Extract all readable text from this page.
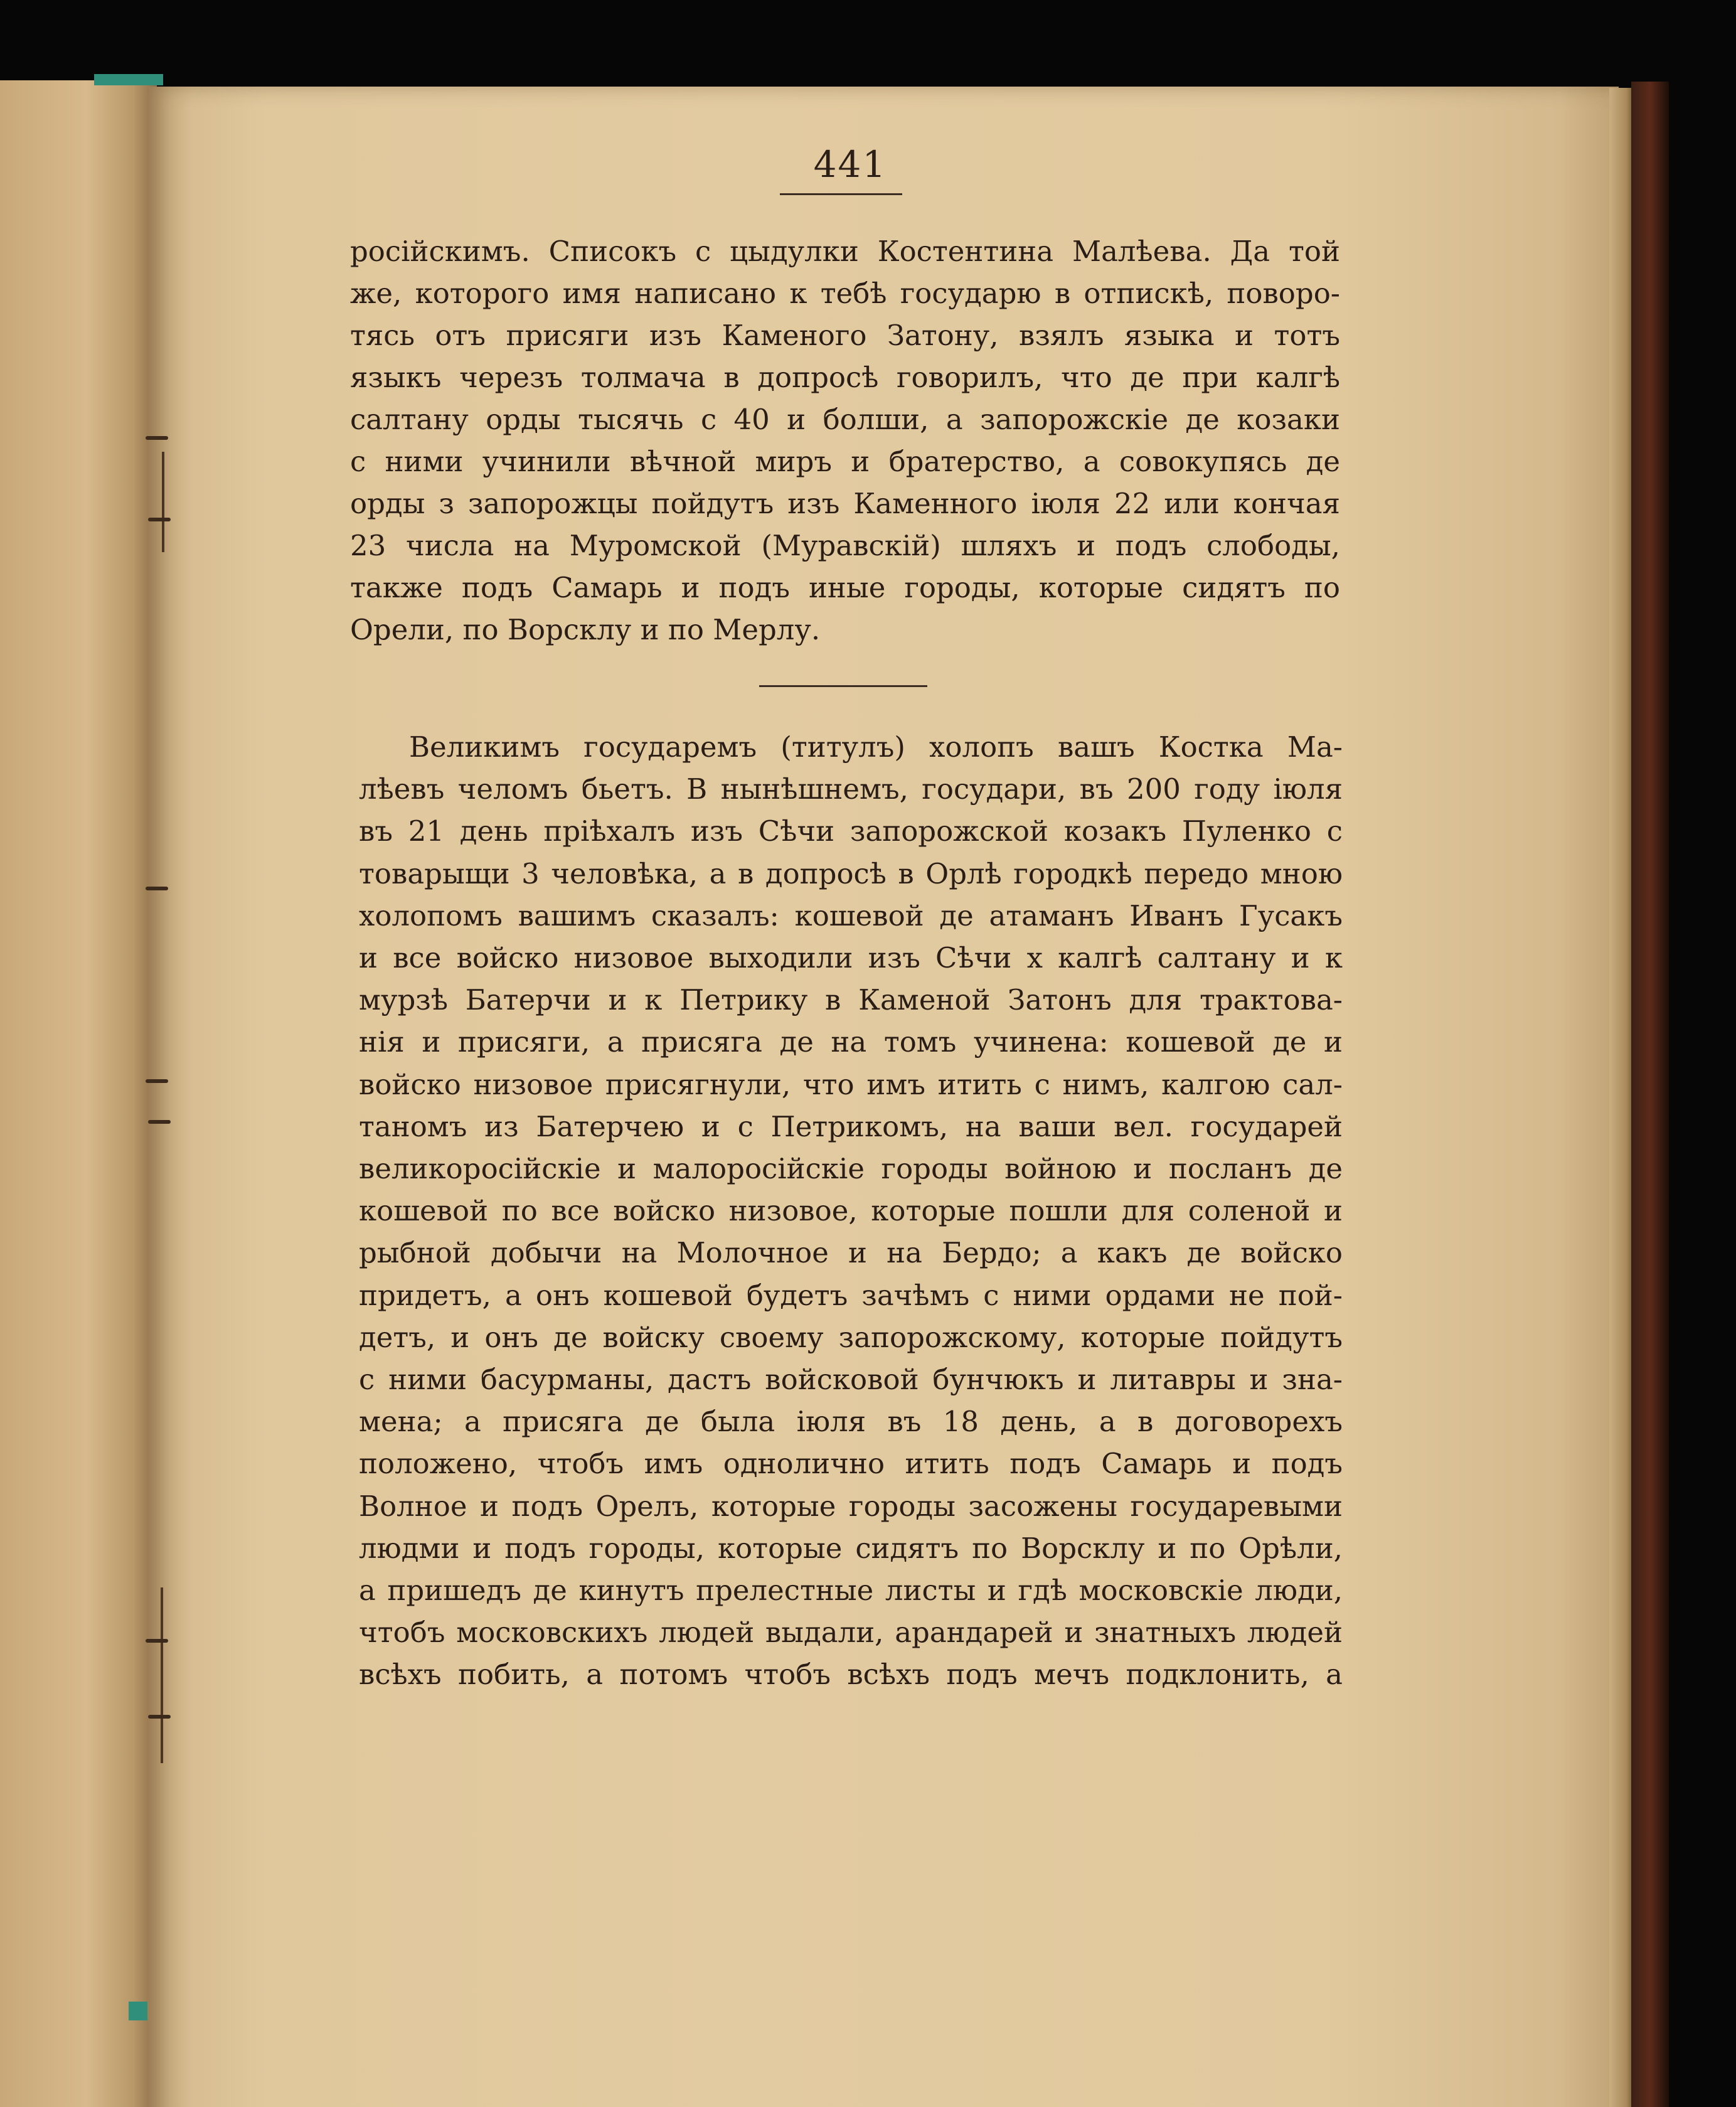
441
російскимъ. Списокъ с цыдулки Костентина Малѣева. Да той
же, которого имя написано к тебѣ государю в отпискѣ, поворо-
тясь отъ присяги изъ Каменого Затону, взялъ языка и тотъ
языкъ черезъ толмача в допросѣ говорилъ, что де при калгѣ
салтану орды тысячь с 40 и болши, а запорожскіе де козаки
с ними учинили вѣчной миръ и братерство, а совокупясь де
орды з запорожцы пойдутъ изъ Каменного іюля 22 или кончая
23 числа на Муромской (Муравскій) шляхъ и подъ слободы,
также подъ Самарь и подъ иные городы, которые сидятъ по
Орели, по Ворсклу и по Мерлу.
Великимъ государемъ (титулъ) холопъ вашъ Костка Ма-
лѣевъ челомъ бьетъ. В нынѣшнемъ, государи, въ 200 году іюля
въ 21 день пріѣхалъ изъ Сѣчи запорожской козакъ Пуленко с
товарыщи 3 человѣка, а в допросѣ в Орлѣ городкѣ передо мною
холопомъ вашимъ сказалъ: кошевой де атаманъ Иванъ Гусакъ
и все войско низовое выходили изъ Сѣчи х калгѣ салтану и к
мурзѣ Батерчи и к Петрику в Каменой Затонъ для трактова-
нія и присяги, а присяга де на томъ учинена: кошевой де и
войско низовое присягнули, что имъ итить с нимъ, калгою сал-
таномъ из Батерчею и с Петрикомъ, на ваши вел. государей
великоросійскіе и малоросійскіе городы войною и посланъ де
кошевой по все войско низовое, которые пошли для соленой и
рыбной добычи на Молочное и на Бердо; а какъ де войско
придетъ, а онъ кошевой будетъ зачѣмъ с ними ордами не пой-
детъ, и онъ де войску своему запорожскому, которые пойдутъ
с ними басурманы, дастъ войсковой бунчюкъ и литавры и зна-
мена; а присяга де была іюля въ 18 день, а в договорехъ
положено, чтобъ имъ однолично итить подъ Самарь и подъ
Волное и подъ Орелъ, которые городы засожены государевыми
людми и подъ городы, которые сидятъ по Ворсклу и по Орѣли,
а пришедъ де кинутъ прелестные листы и гдѣ московскіе люди,
чтобъ московскихъ людей выдали, арандарей и знатныхъ людей
всѣхъ побить, а потомъ чтобъ всѣхъ подъ мечъ подклонить, а
